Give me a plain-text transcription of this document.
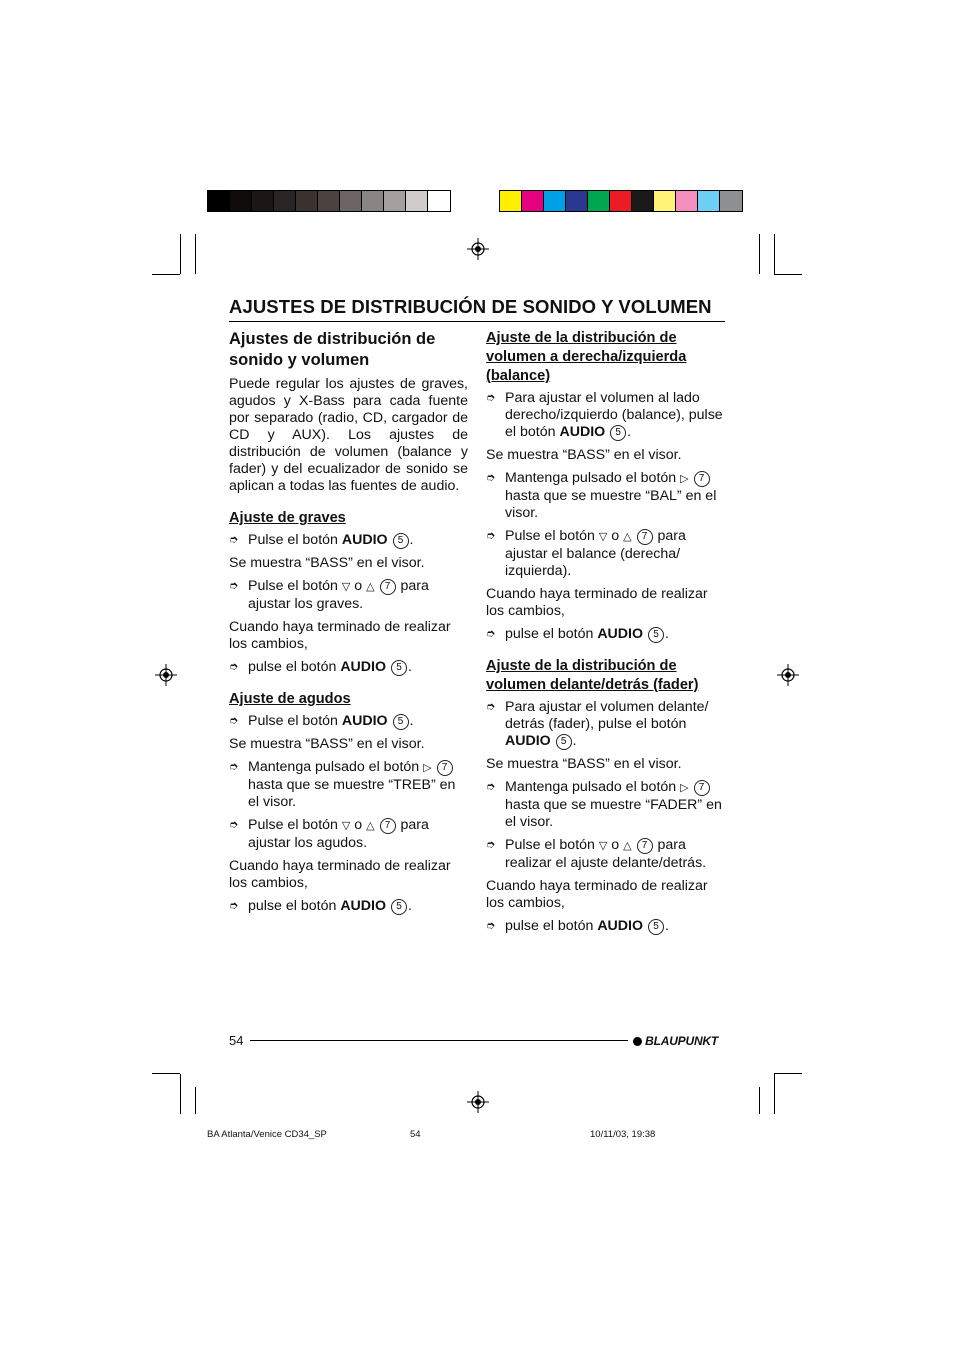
AJUSTES DE DISTRIBUCIÓN DE SONIDO Y VOLUMEN
Ajustes de distribución de sonido y volumen

Puede regular los ajustes de graves, agudos y X-Bass para cada fuente por separado (radio, CD, cargador de CD y AUX). Los ajustes de distribución de volumen (balance y fader) y del ecualizador de sonido se aplican a todas las fuentes de audio.

Ajuste de graves
➮ Pulse el botón AUDIO 5 .

Se muestra “BASS” en el visor.

➮ Pulse el botón ▽ o △ 7 para ajustar los graves.

Cuando haya terminado de realizar los cambios,

➮ pulse el botón AUDIO 5 .
Ajuste de agudos
➮ Pulse el botón AUDIO 5 .

Se muestra “BASS” en el visor.

➮ Mantenga pulsado el botón ▷ 7 hasta que se muestre “TREB” en el visor.
➮ Pulse el botón ▽ o △ 7 para ajustar los agudos.

Cuando haya terminado de realizar los cambios,

➮ pulse el botón AUDIO 5 .
Ajuste de la distribución de volumen a derecha/izquierda (balance)
➮ Para ajustar el volumen al lado derecho/izquierdo (balance), pulse el botón AUDIO 5 .

Se muestra “BASS” en el visor.

➮ Mantenga pulsado el botón ▷ 7 hasta que se muestre “BAL” en el visor.
➮ Pulse el botón ▽ o △ 7 para ajustar el balance (derecha/ izquierda).

Cuando haya terminado de realizar los cambios,

➮ pulse el botón AUDIO 5 .
Ajuste de la distribución de volumen delante/detrás (fader)
➮ Para ajustar el volumen delante/ detrás (fader), pulse el botón AUDIO 5 .

Se muestra “BASS” en el visor.

➮ Mantenga pulsado el botón ▷ 7 hasta que se muestre “FADER” en el visor.
➮ Pulse el botón ▽ o △ 7 para realizar el ajuste delante/detrás.

Cuando haya terminado de realizar los cambios,

➮ pulse el botón AUDIO 5 .
54	BLAUPUNKT
BA Atlanta/Venice CD34_SP	54	10/11/03, 19:38
